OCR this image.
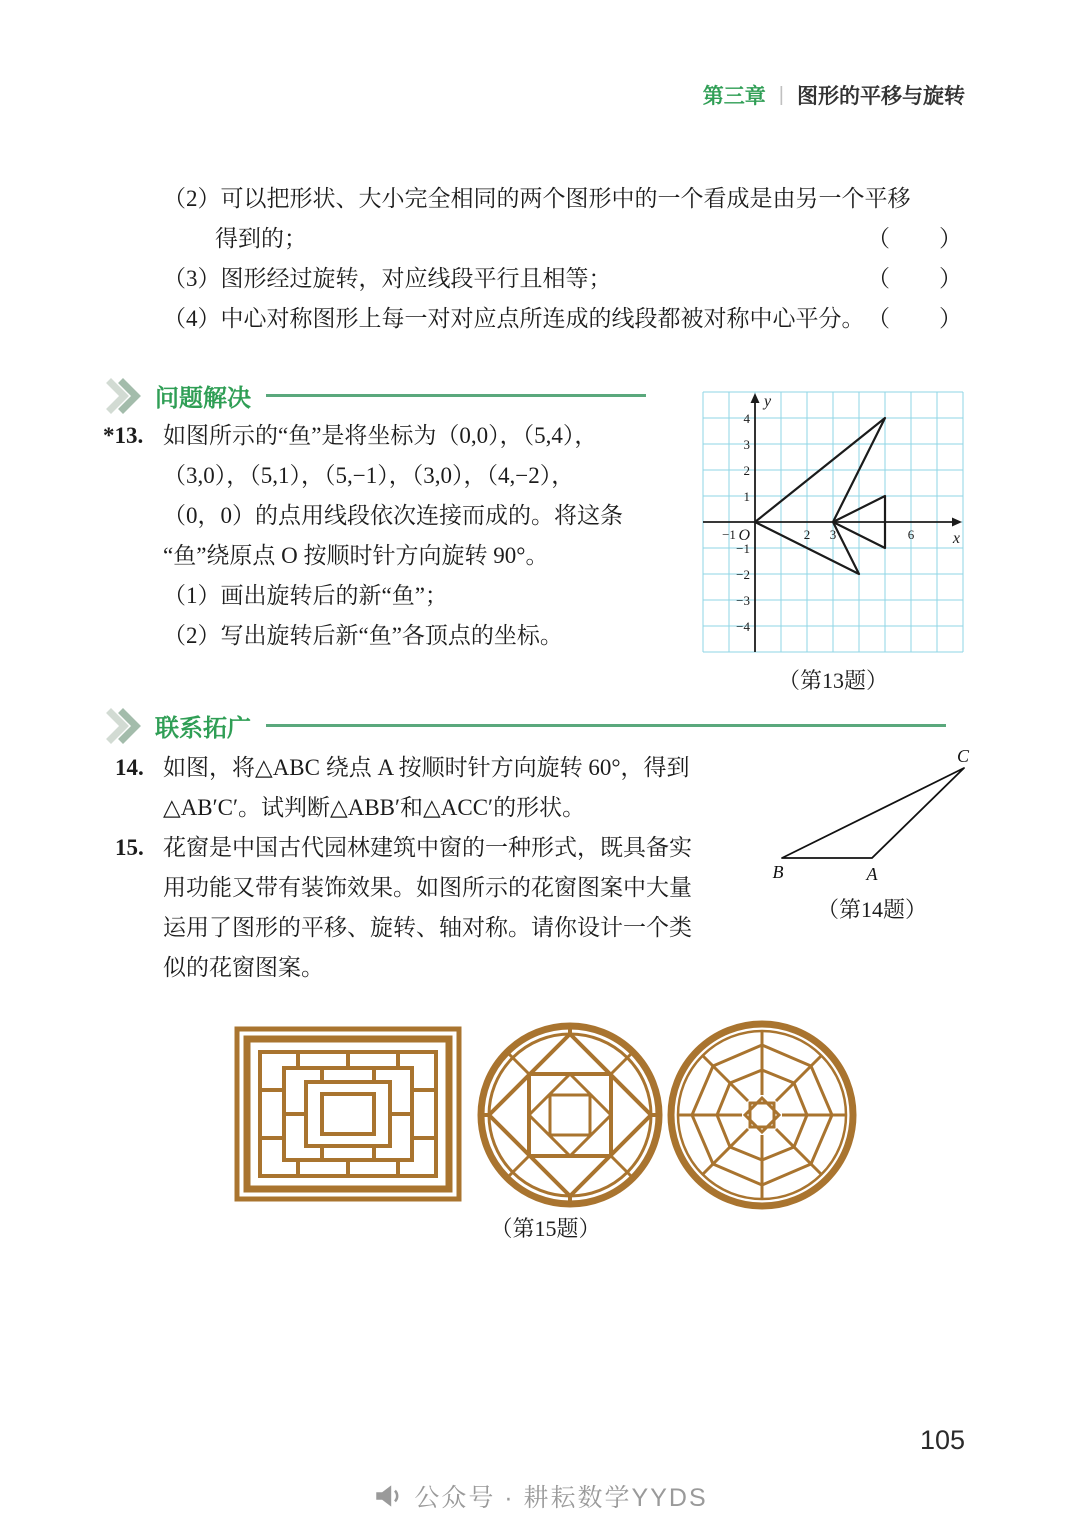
第三章 | 图形的平移与旋转
（2）可以把形状、大小完全相同的两个图形中的一个看成是由另一个平移
得到的；	（　　）
（3）图形经过旋转，对应线段平行且相等；	（　　）
（4）中心对称图形上每一对对应点所连成的线段都被对称中心平分。 （　　）
问题解决
*13. 如图所示的“鱼”是将坐标为（0,0），（5,4），
（3,0），（5,1），（5,−1），（3,0），（4,−2），
（0，0）的点用线段依次连接而成的。将这条
“鱼”绕原点 O 按顺时针方向旋转 90°。
（1）画出旋转后的新“鱼”；
（2）写出旋转后新“鱼”各顶点的坐标。
4
3
2
1
−1
−2
−3
−4
−1	2 3	6
y
x
O
（第13题）
联系拓广
14. 如图，将△ABC 绕点 A 按顺时针方向旋转 60°，得到
△AB′C′。试判断△ABB′和△ACC′的形状。
B	A
C
（第14题）
15. 花窗是中国古代园林建筑中窗的一种形式，既具备实
用功能又带有装饰效果。如图所示的花窗图案中大量
运用了图形的平移、旋转、轴对称。请你设计一个类
似的花窗图案。
（第15题）
105
公众号 · 耕耘数学YYDS
